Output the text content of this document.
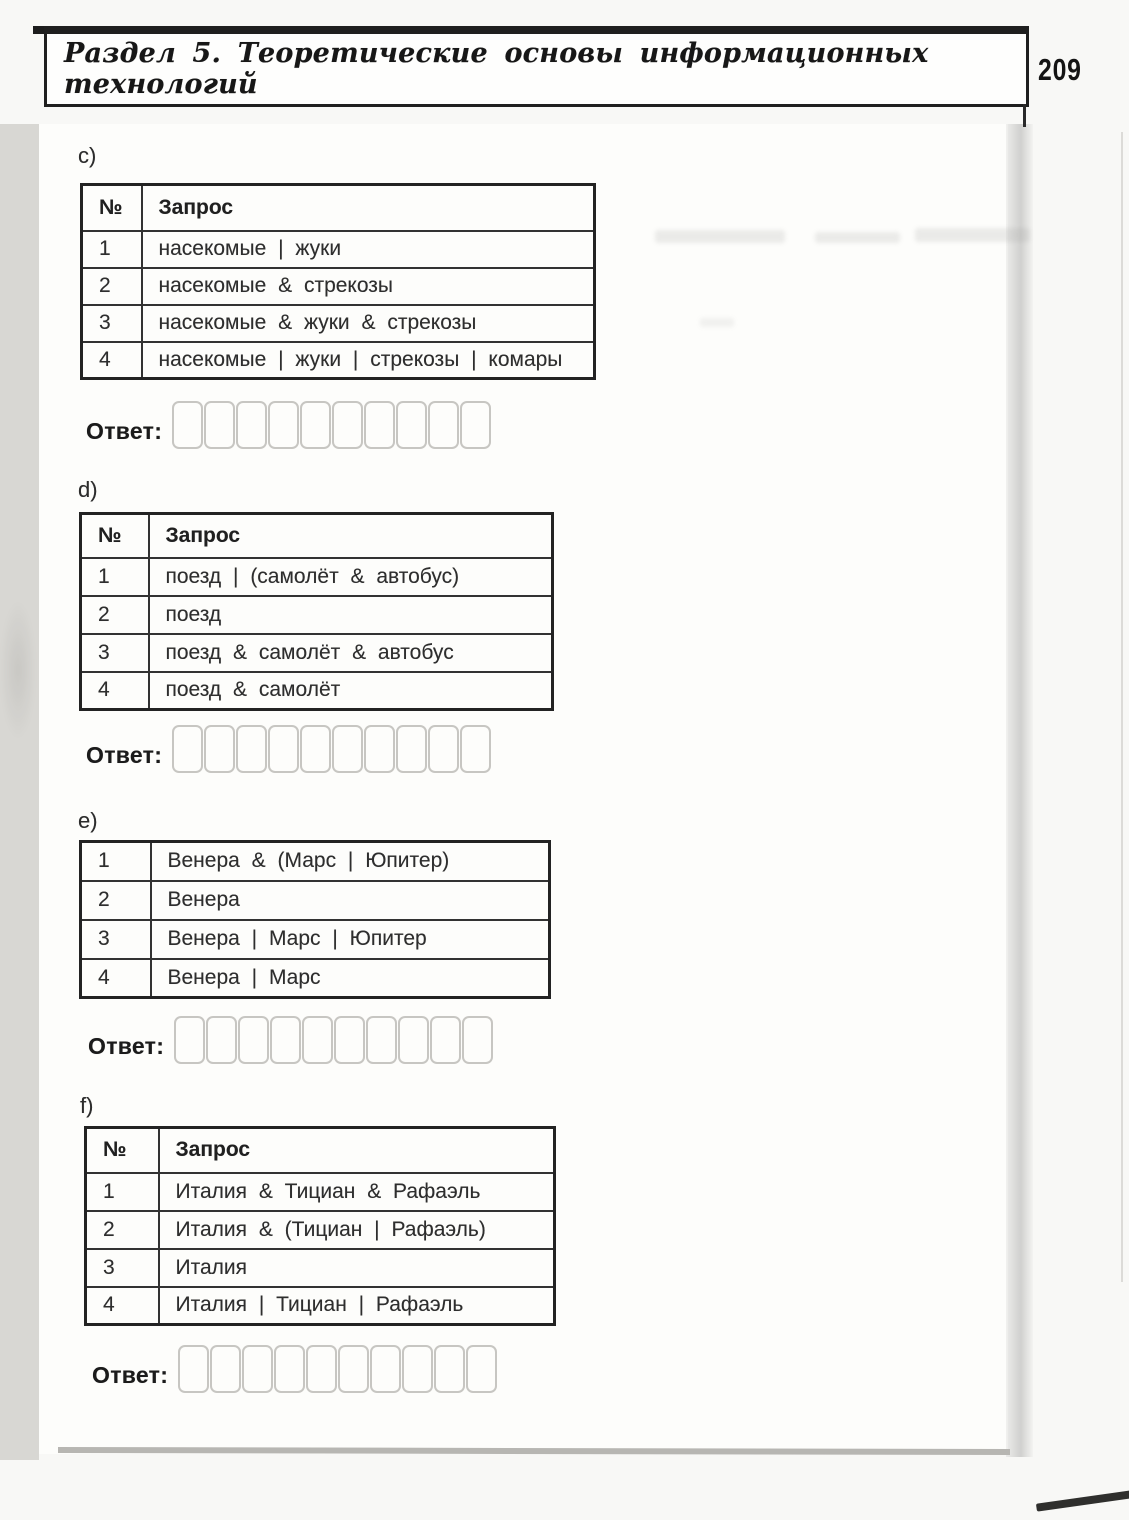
Раздел 5. Теоретические основы информационных технологий	209
c)
№	Запрос
1	насекомые | жуки
2	насекомые & стрекозы
3	насекомые & жуки & стрекозы
4	насекомые | жуки | стрекозы | комары
Ответ:
d)
№	Запрос
1	поезд | (самолёт & автобус)
2	поезд
3	поезд & самолёт & автобус
4	поезд & самолёт
Ответ:
e)
1	Венера & (Марс | Юпитер)
2	Венера
3	Венера | Марс | Юпитер
4	Венера | Марс
Ответ:
f)
№	Запрос
1	Италия & Тициан & Рафаэль
2	Италия & (Тициан | Рафаэль)
3	Италия
4	Италия | Тициан | Рафаэль
Ответ:
